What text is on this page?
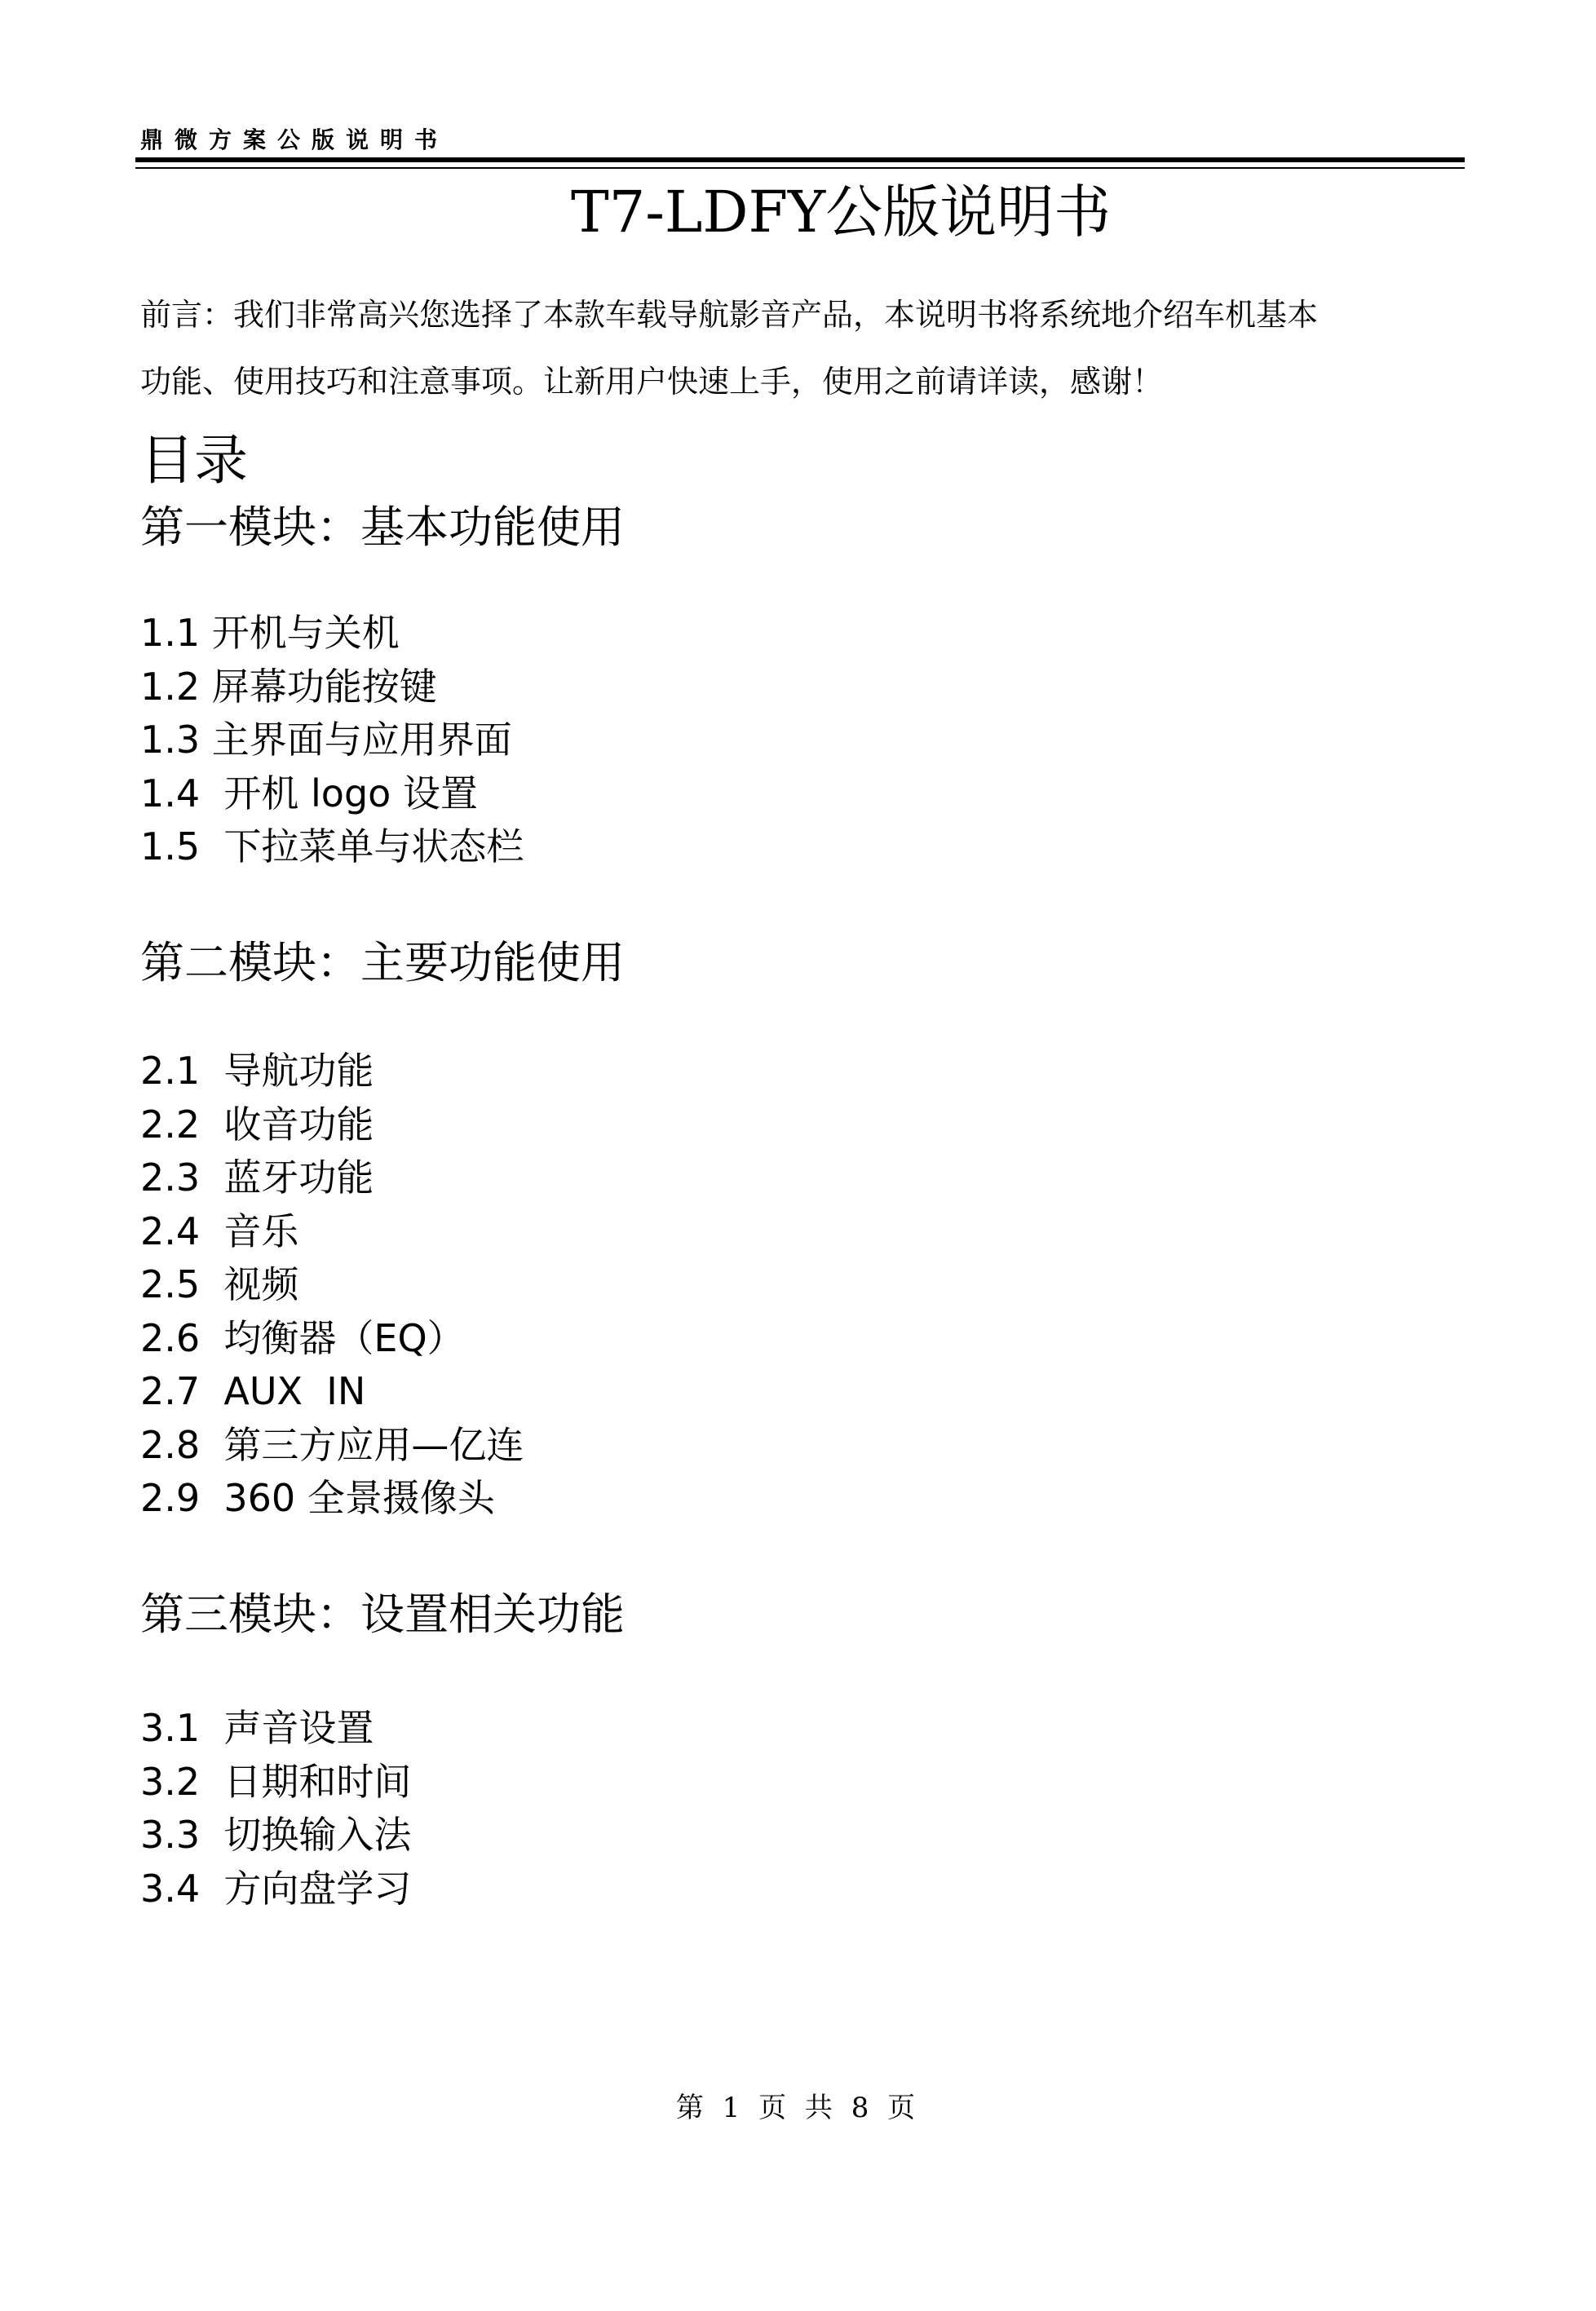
鼎微方案公版说明书
T7-LDFY公版说明书
前言：我们非常高兴您选择了本款车载导航影音产品，本说明书将系统地介绍车机基本
功能、使用技巧和注意事项。让新用户快速上手，使用之前请详读，感谢！
目录
第一模块：基本功能使用
1.1 开机与关机
1.2 屏幕功能按键
1.3 主界面与应用界面
1.4  开机 logo 设置
1.5  下拉菜单与状态栏
第二模块：主要功能使用
2.1  导航功能
2.2  收音功能
2.3  蓝牙功能
2.4  音乐
2.5  视频
2.6  均衡器（EQ）
2.7  AUX  IN
2.8  第三方应用—亿连
2.9  360 全景摄像头
第三模块：设置相关功能
3.1  声音设置
3.2  日期和时间
3.3  切换输入法
3.4  方向盘学习
第 1 页 共 8 页
